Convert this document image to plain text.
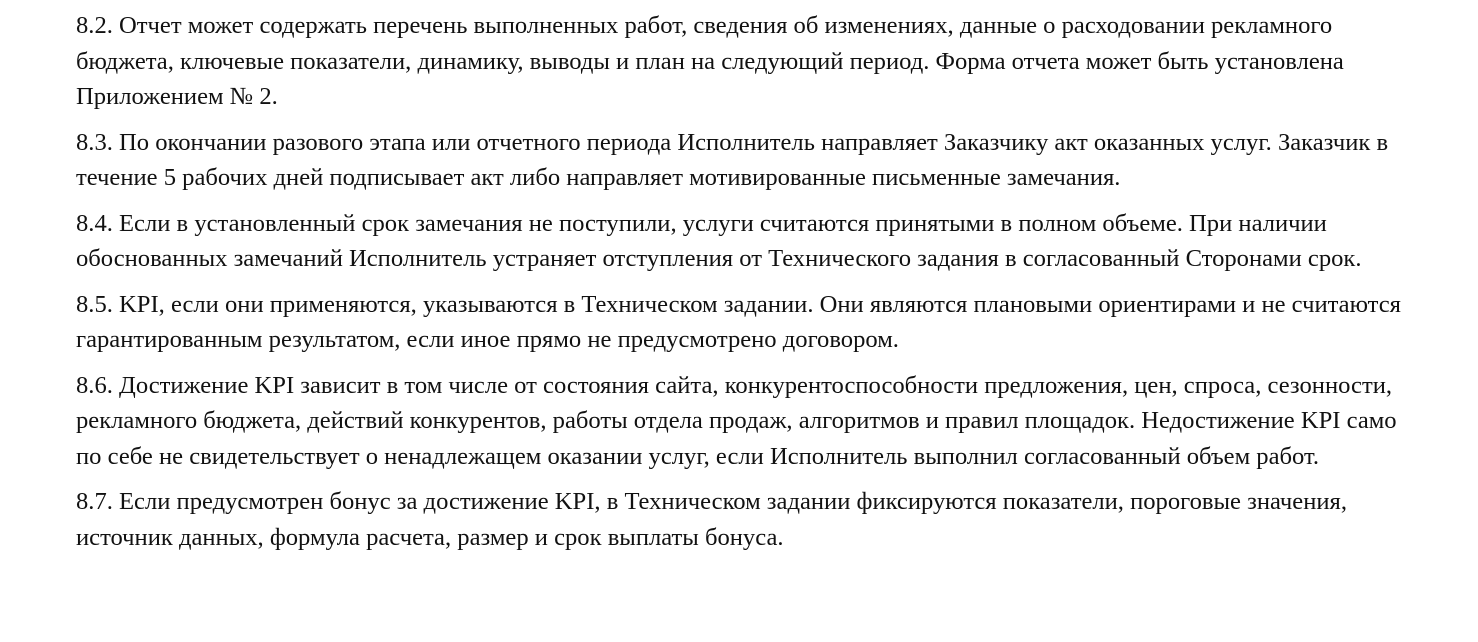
8.2. Отчет может содержать перечень выполненных работ, сведения об изменениях, данные о расходовании рекламного бюджета, ключевые показатели, динамику, выводы и план на следующий период. Форма отчета может быть установлена Приложением № 2.

8.3. По окончании разового этапа или отчетного периода Исполнитель направляет Заказчику акт оказанных услуг. Заказчик в течение 5 рабочих дней подписывает акт либо направляет мотивированные письменные замечания.

8.4. Если в установленный срок замечания не поступили, услуги считаются принятыми в полном объеме. При наличии обоснованных замечаний Исполнитель устраняет отступления от Технического задания в согласованный Сторонами срок.

8.5. KPI, если они применяются, указываются в Техническом задании. Они являются плановыми ориентирами и не считаются гарантированным результатом, если иное прямо не предусмотрено договором.

8.6. Достижение KPI зависит в том числе от состояния сайта, конкурентоспособности предложения, цен, спроса, сезонности, рекламного бюджета, действий конкурентов, работы отдела продаж, алгоритмов и правил площадок. Недостижение KPI само по себе не свидетельствует о ненадлежащем оказании услуг, если Исполнитель выполнил согласованный объем работ.

8.7. Если предусмотрен бонус за достижение KPI, в Техническом задании фиксируются показатели, пороговые значения, источник данных, формула расчета, размер и срок выплаты бонуса.
